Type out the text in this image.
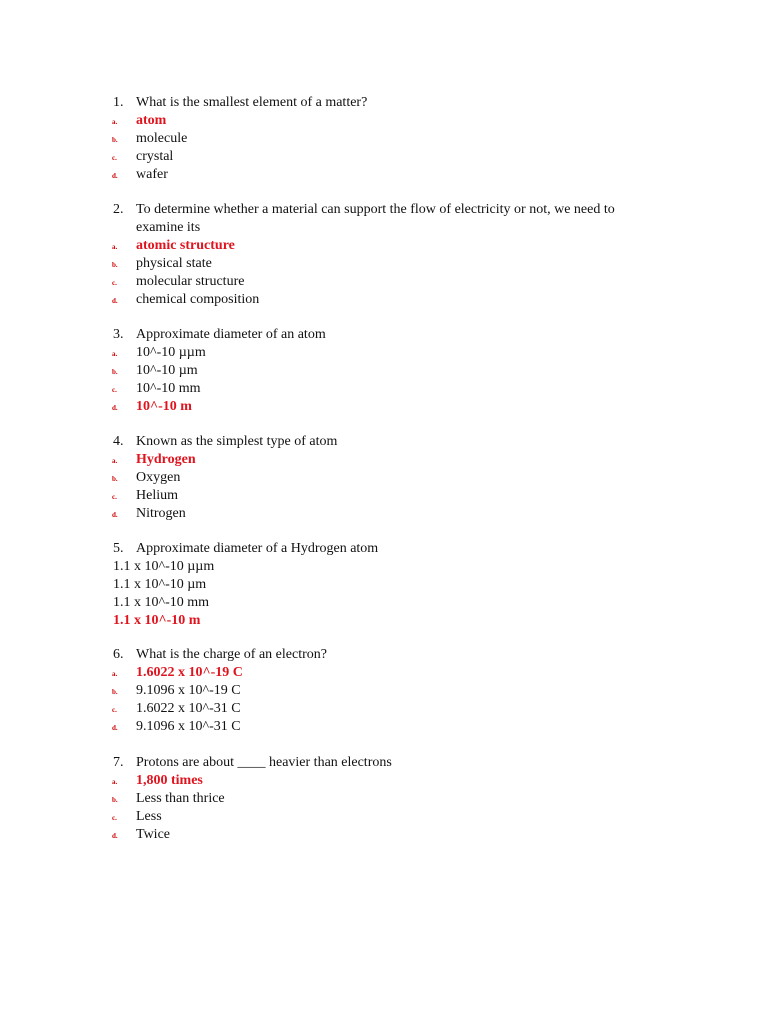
1. What is the smallest element of a matter?
a. atom
b. molecule
c. crystal
d. wafer
2. To determine whether a material can support the flow of electricity or not, we need to
examine its
a. atomic structure
b. physical state
c. molecular structure
d. chemical composition
3. Approximate diameter of an atom
a. 10^-10 µµm
b. 10^-10 µm
c. 10^-10 mm
d. 10^-10 m
4. Known as the simplest type of atom
a. Hydrogen
b. Oxygen
c. Helium
d. Nitrogen
5. Approximate diameter of a Hydrogen atom
1.1 x 10^-10 µµm
1.1 x 10^-10 µm
1.1 x 10^-10 mm
1.1 x 10^-10 m
6. What is the charge of an electron?
a. 1.6022 x 10^-19 C
b. 9.1096 x 10^-19 C
c. 1.6022 x 10^-31 C
d. 9.1096 x 10^-31 C
7. Protons are about ____ heavier than electrons
a. 1,800 times
b. Less than thrice
c. Less
d. Twice
